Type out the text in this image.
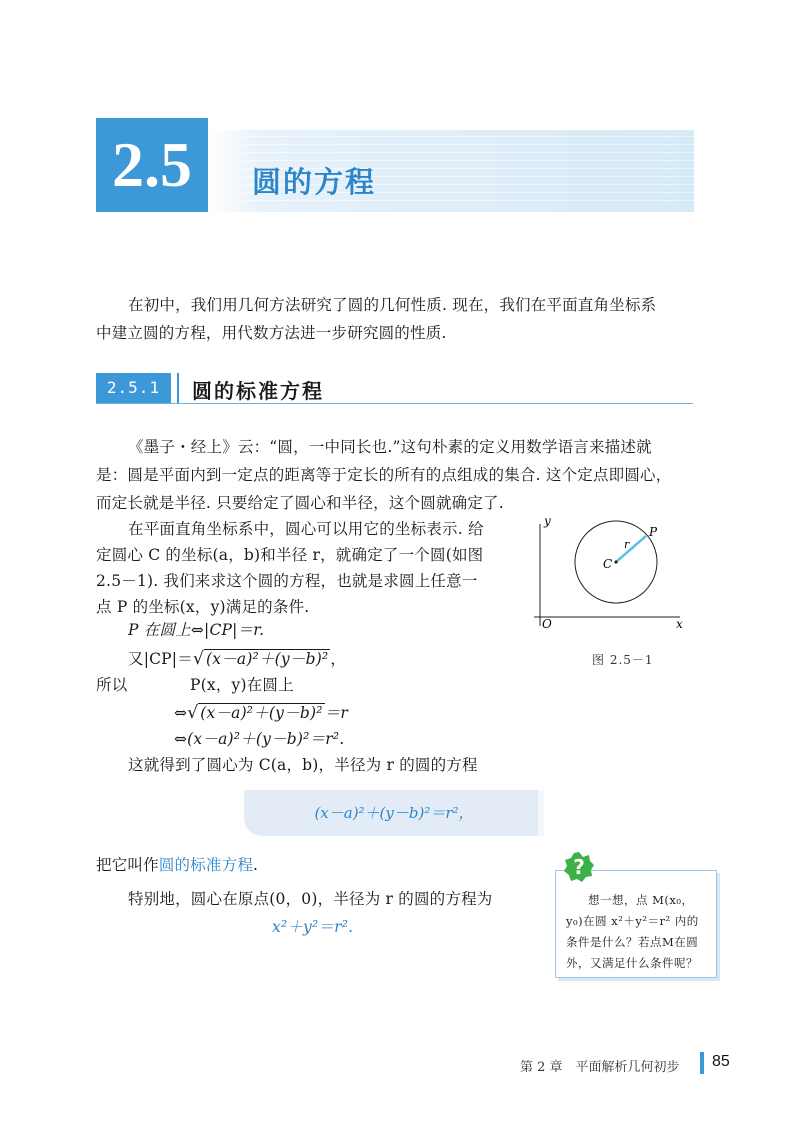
2.5	圆的方程
在初中，我们用几何方法研究了圆的几何性质. 现在，我们在平面直角坐标系
中建立圆的方程，用代数方法进一步研究圆的性质.
2.5.1	圆的标准方程
《墨子・经上》云：“圆，一中同长也.”这句朴素的定义用数学语言来描述就
是：圆是平面内到一定点的距离等于定长的所有的点组成的集合. 这个定点即圆心，
而定长就是半径. 只要给定了圆心和半径，这个圆就确定了.
在平面直角坐标系中，圆心可以用它的坐标表示. 给
定圆心 C 的坐标(a，b)和半径 r，就确定了一个圆(如图
2.5－1). 我们来求这个圆的方程，也就是求圆上任意一
点 P 的坐标(x，y)满足的条件.
P 在圆上⇔|CP|＝r.
又|CP|＝√ (x－a)²＋(y－b)² ，
所以	P(x，y)在圆上
⇔√ (x－a)²＋(y－b)² ＝r
⇔(x－a)²＋(y－b)²＝r².
这就得到了圆心为 C(a，b)，半径为 r 的圆的方程
(x－a)²＋(y－b)²＝r²，
把它叫作圆的标准方程.
特别地，圆心在原点(0，0)，半径为 r 的圆的方程为
x²＋y²＝r².
y
x
O
C
P
r
图 2.5－1
?
想一想，点 M(x₀，
y₀)在圆 x²＋y²＝r² 内的
条件是什么？若点M在圆
外，又满足什么条件呢？
第 2 章　平面解析几何初步 85
